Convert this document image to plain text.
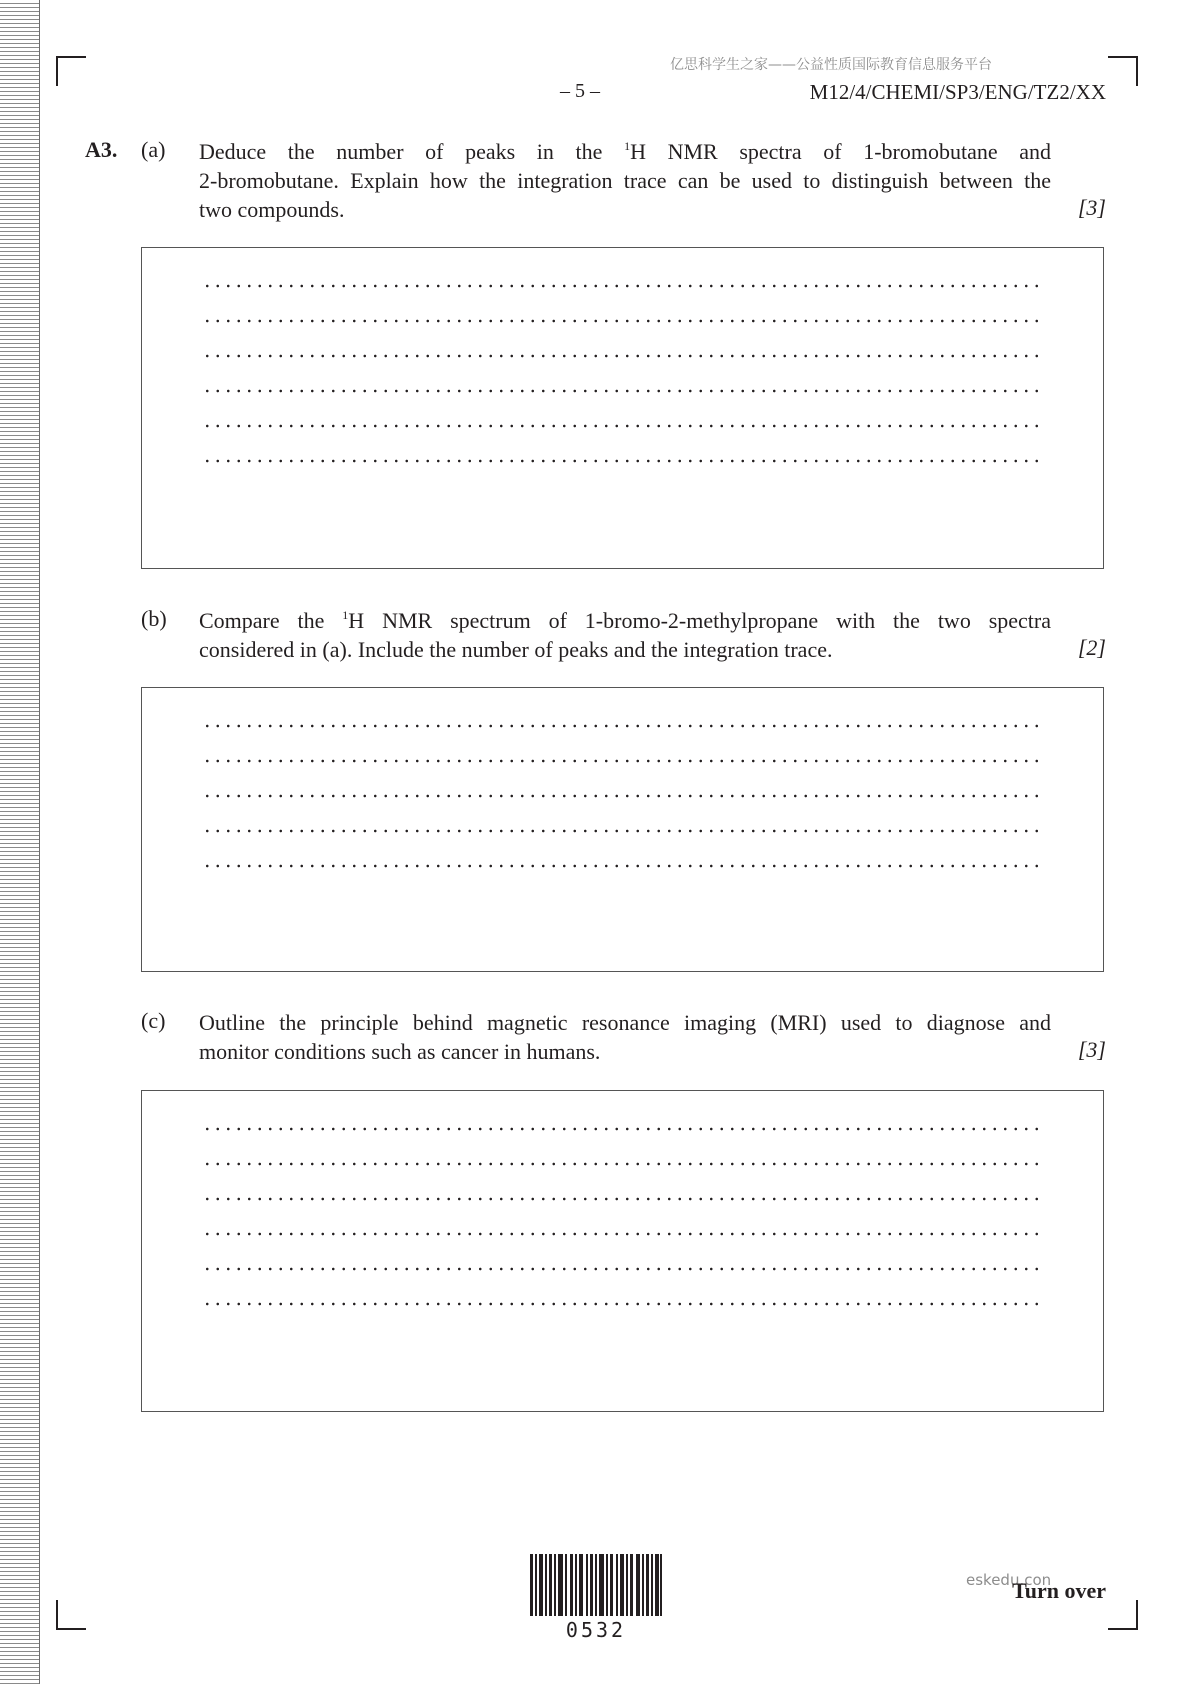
亿思科学生之家——公益性质国际教育信息服务平台
– 5 –	M12/4/CHEMI/SP3/ENG/TZ2/XX
A3. (a) Deduce the number of peaks in the $^1$H NMR spectra of 1-bromobutane and
2-bromobutane. Explain how the integration trace can be used to distinguish between the
two compounds.	[3]
(b) Compare the $^1$H NMR spectrum of 1-bromo-2-methylpropane with the two spectra
considered in (a). Include the number of peaks and the integration trace.	[2]
(c) Outline the principle behind magnetic resonance imaging (MRI) used to diagnose and
monitor conditions such as cancer in humans.	[3]
0532
eskedu.con
Turn over
